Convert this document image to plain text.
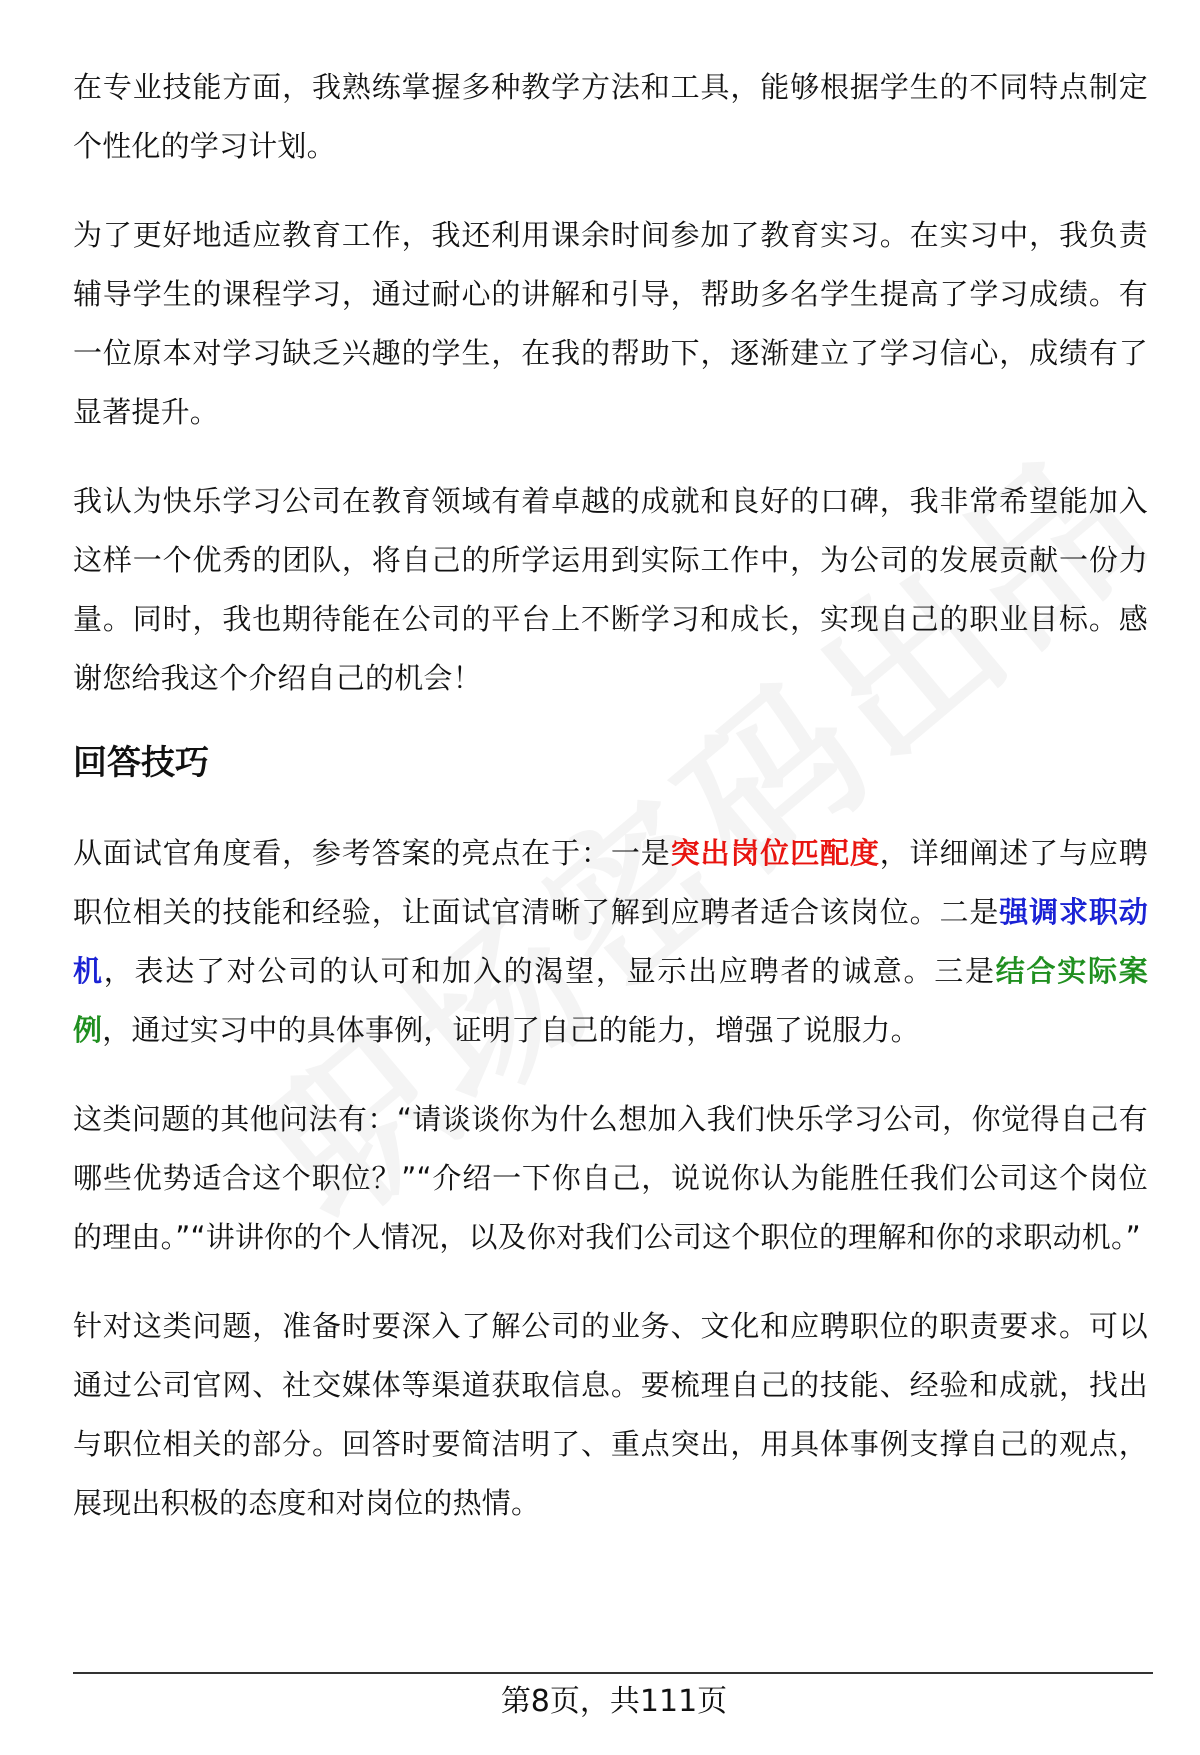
在专业技能方面，我熟练掌握多种教学方法和工具，能够根据学生的不同特点制定个性化的学习计划。

为了更好地适应教育工作，我还利用课余时间参加了教育实习。在实习中，我负责辅导学生的课程学习，通过耐心的讲解和引导，帮助多名学生提高了学习成绩。有一位原本对学习缺乏兴趣的学生，在我的帮助下，逐渐建立了学习信心，成绩有了显著提升。

我认为快乐学习公司在教育领域有着卓越的成就和良好的口碑，我非常希望能加入这样一个优秀的团队，将自己的所学运用到实际工作中，为公司的发展贡献一份力量。同时，我也期待能在公司的平台上不断学习和成长，实现自己的职业目标。感谢您给我这个介绍自己的机会！

回答技巧

从面试官角度看，参考答案的亮点在于：一是突出岗位匹配度，详细阐述了与应聘职位相关的技能和经验，让面试官清晰了解到应聘者适合该岗位。二是强调求职动机，表达了对公司的认可和加入的渴望，显示出应聘者的诚意。三是结合实际案例，通过实习中的具体事例，证明了自己的能力，增强了说服力。

这类问题的其他问法有：“请谈谈你为什么想加入我们快乐学习公司，你觉得自己有哪些优势适合这个职位？”“介绍一下你自己，说说你认为能胜任我们公司这个岗位的理由。”“讲讲你的个人情况，以及你对我们公司这个职位的理解和你的求职动机。”

针对这类问题，准备时要深入了解公司的业务、文化和应聘职位的职责要求。可以通过公司官网、社交媒体等渠道获取信息。要梳理自己的技能、经验和成就，找出与职位相关的部分。回答时要简洁明了、重点突出，用具体事例支撑自己的观点，展现出积极的态度和对岗位的热情。

第8页，共111页
